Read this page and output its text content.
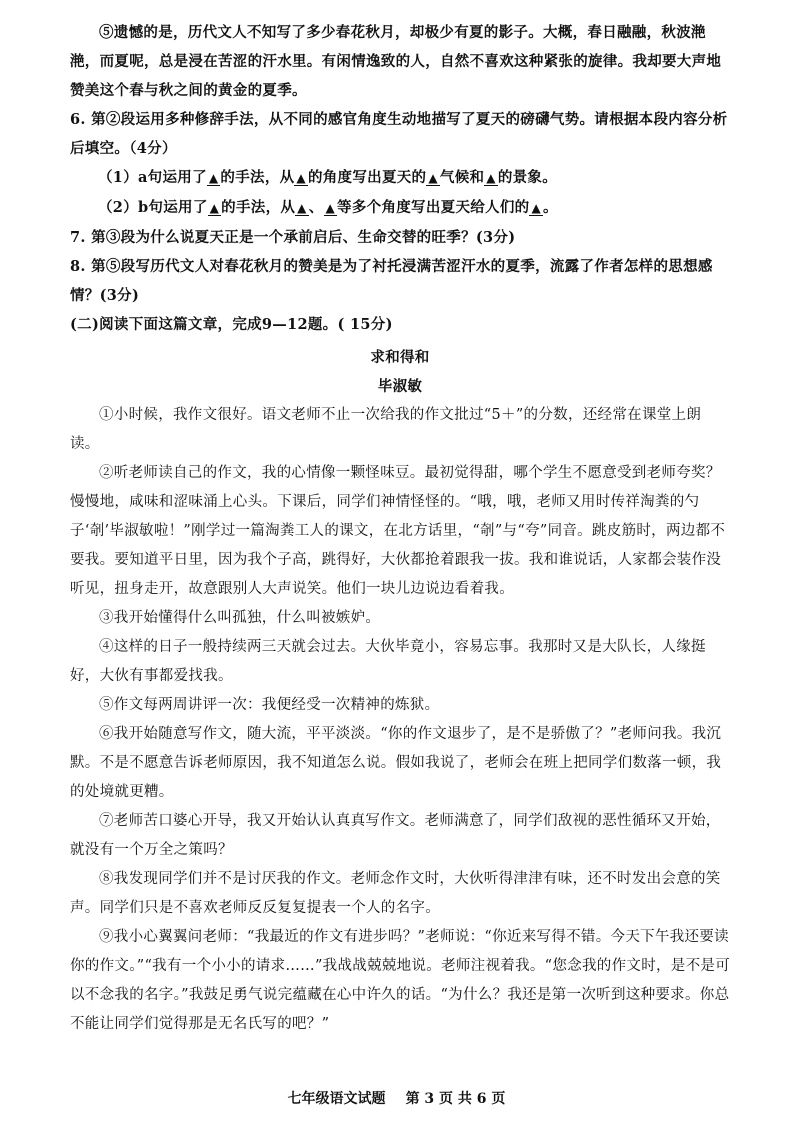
⑤遗憾的是，历代文人不知写了多少春花秋月，却极少有夏的影子。大概，春日融融，秋波滟滟，而夏呢，总是浸在苦涩的汗水里。有闲情逸致的人，自然不喜欢这种紧张的旋律。我却要大声地赞美这个春与秋之间的黄金的夏季。

6. 第②段运用多种修辞手法，从不同的感官角度生动地描写了夏天的磅礴气势。请根据本段内容分析后填空。（4分）

（1）a句运用了 ▲ 的手法，从 ▲ 的角度写出夏天的 ▲ 气候和 ▲ 的景象。

（2）b句运用了 ▲ 的手法，从 ▲ 、 ▲ 等多个角度写出夏天给人们的 ▲ 。

7. 第③段为什么说夏天正是一个承前启后、生命交替的旺季？(3分)

8. 第⑤段写历代文人对春花秋月的赞美是为了衬托浸满苦涩汗水的夏季，流露了作者怎样的思想感情？(3分)

(二)阅读下面这篇文章，完成9—12题。( 15分)

求和得和

毕淑敏

①小时候，我作文很好。语文老师不止一次给我的作文批过“5＋”的分数，还经常在课堂上朗读。

②听老师读自己的作文，我的心情像一颗怪味豆。最初觉得甜，哪个学生不愿意受到老师夸奖？慢慢地，咸味和涩味涌上心头。下课后，同学们神情怪怪的。“哦，哦，老师又用时传祥淘粪的勺子‘剞’毕淑敏啦！”刚学过一篇淘粪工人的课文，在北方话里，“剞”与“夸”同音。跳皮筋时，两边都不要我。要知道平日里，因为我个子高，跳得好，大伙都抢着跟我一拔。我和谁说话，人家都会装作没听见，扭身走开，故意跟别人大声说笑。他们一块儿边说边看着我。

③我开始懂得什么叫孤独，什么叫被嫉妒。

④这样的日子一般持续两三天就会过去。大伙毕竟小，容易忘事。我那时又是大队长，人缘挺好，大伙有事都爱找我。

⑤作文每两周讲评一次：我便经受一次精神的炼狱。

⑥我开始随意写作文，随大流，平平淡淡。“你的作文退步了，是不是骄傲了？”老师问我。我沉默。不是不愿意告诉老师原因，我不知道怎么说。假如我说了，老师会在班上把同学们数落一顿，我的处境就更糟。

⑦老师苦口婆心开导，我又开始认认真真写作文。老师满意了，同学们敌视的恶性循环又开始，就没有一个万全之策吗？

⑧我发现同学们并不是讨厌我的作文。老师念作文时，大伙听得津津有味，还不时发出会意的笑声。同学们只是不喜欢老师反反复复提表一个人的名字。

⑨我小心翼翼问老师：“我最近的作文有进步吗？”老师说：“你近来写得不错。今天下午我还要读你的作文。”“我有一个小小的请求……”我战战兢兢地说。老师注视着我。“您念我的作文时，是不是可以不念我的名字。”我鼓足勇气说完蕴藏在心中许久的话。“为什么？我还是第一次听到这种要求。你总不能让同学们觉得那是无名氏写的吧？”

七年级语文试题 第 3 页 共 6 页
